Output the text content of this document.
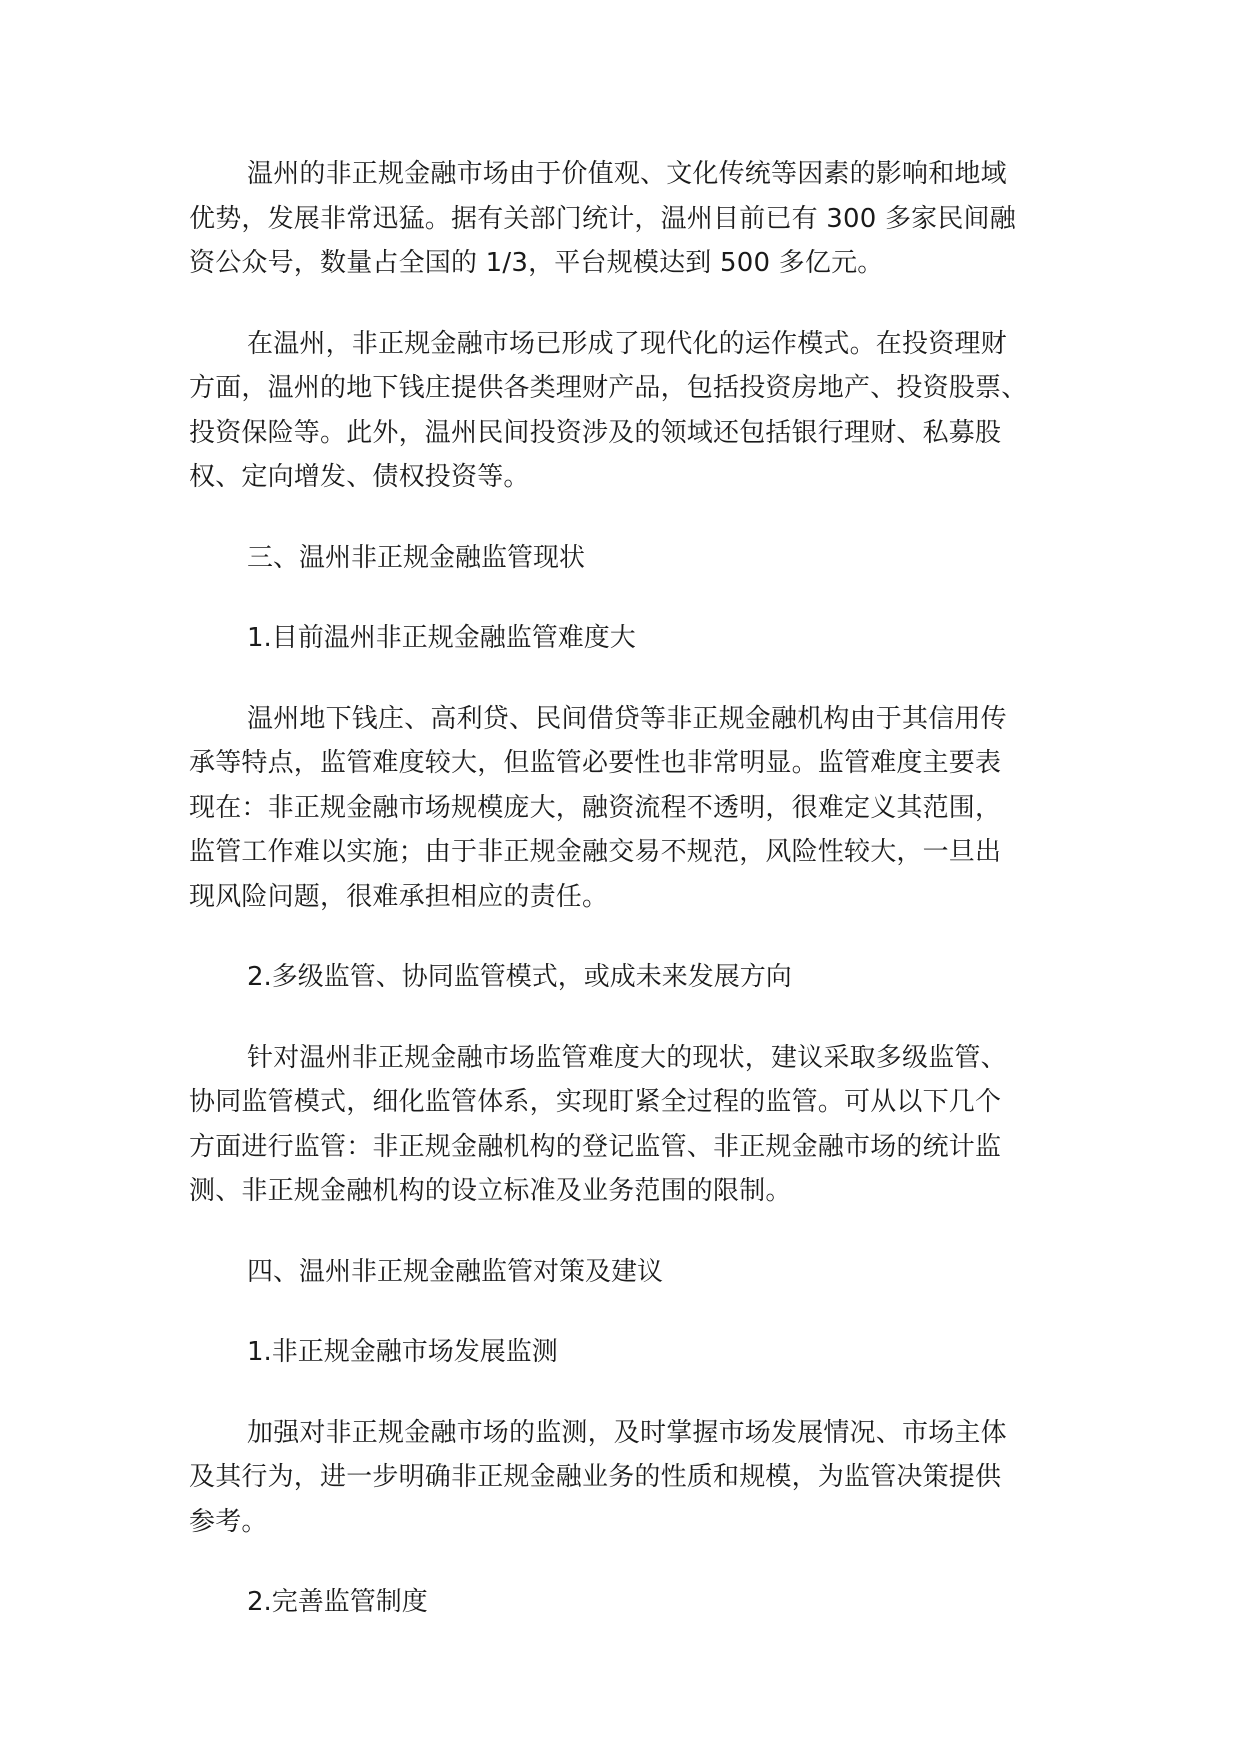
温州的非正规金融市场由于价值观、文化传统等因素的影响和地域
优势，发展非常迅猛。据有关部门统计，温州目前已有 300 多家民间融
资公众号，数量占全国的 1/3，平台规模达到 500 多亿元。

在温州，非正规金融市场已形成了现代化的运作模式。在投资理财
方面，温州的地下钱庄提供各类理财产品，包括投资房地产、投资股票、
投资保险等。此外，温州民间投资涉及的领域还包括银行理财、私募股
权、定向增发、债权投资等。

三、温州非正规金融监管现状

1.目前温州非正规金融监管难度大

温州地下钱庄、高利贷、民间借贷等非正规金融机构由于其信用传
承等特点，监管难度较大，但监管必要性也非常明显。监管难度主要表
现在：非正规金融市场规模庞大，融资流程不透明，很难定义其范围，
监管工作难以实施；由于非正规金融交易不规范，风险性较大，一旦出
现风险问题，很难承担相应的责任。

2.多级监管、协同监管模式，或成未来发展方向

针对温州非正规金融市场监管难度大的现状，建议采取多级监管、
协同监管模式，细化监管体系，实现盯紧全过程的监管。可从以下几个
方面进行监管：非正规金融机构的登记监管、非正规金融市场的统计监
测、非正规金融机构的设立标准及业务范围的限制。

四、温州非正规金融监管对策及建议

1.非正规金融市场发展监测

加强对非正规金融市场的监测，及时掌握市场发展情况、市场主体
及其行为，进一步明确非正规金融业务的性质和规模，为监管决策提供
参考。

2.完善监管制度
